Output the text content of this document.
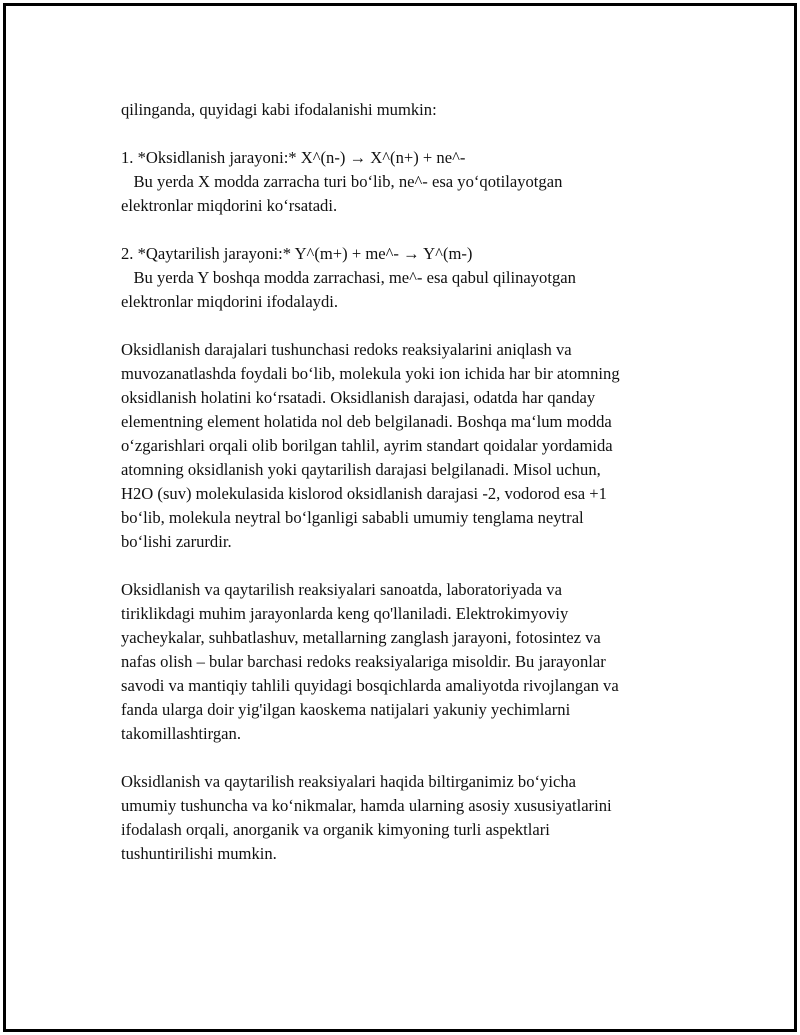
qilinganda, quyidagi kabi ifodalanishi mumkin:
1. *Oksidlanish jarayoni:* X^(n-) → X^(n+) + ne^-
Bu yerda X modda zarracha turi bo‘lib, ne^- esa yo‘qotilayotgan
elektronlar miqdorini ko‘rsatadi.
2. *Qaytarilish jarayoni:* Y^(m+) + me^- → Y^(m-)
Bu yerda Y boshqa modda zarrachasi, me^- esa qabul qilinayotgan
elektronlar miqdorini ifodalaydi.
Oksidlanish darajalari tushunchasi redoks reaksiyalarini aniqlash va
muvozanatlashda foydali bo‘lib, molekula yoki ion ichida har bir atomning
oksidlanish holatini ko‘rsatadi. Oksidlanish darajasi, odatda har qanday
elementning element holatida nol deb belgilanadi. Boshqa ma‘lum modda
o‘zgarishlari orqali olib borilgan tahlil, ayrim standart qoidalar yordamida
atomning oksidlanish yoki qaytarilish darajasi belgilanadi. Misol uchun,
H2O (suv) molekulasida kislorod oksidlanish darajasi -2, vodorod esa +1
bo‘lib, molekula neytral bo‘lganligi sababli umumiy tenglama neytral
bo‘lishi zarurdir.
Oksidlanish va qaytarilish reaksiyalari sanoatda, laboratoriyada va
tiriklikdagi muhim jarayonlarda keng qo'llaniladi. Elektrokimyoviy
yacheykalar, suhbatlashuv, metallarning zanglash jarayoni, fotosintez va
nafas olish – bular barchasi redoks reaksiyalariga misoldir. Bu jarayonlar
savodi va mantiqiy tahlili quyidagi bosqichlarda amaliyotda rivojlangan va
fanda ularga doir yig'ilgan kaoskema natijalari yakuniy yechimlarni
takomillashtirgan.
Oksidlanish va qaytarilish reaksiyalari haqida biltirganimiz bo‘yicha
umumiy tushuncha va ko‘nikmalar, hamda ularning asosiy xususiyatlarini
ifodalash orqali, anorganik va organik kimyoning turli aspektlari
tushuntirilishi mumkin.
